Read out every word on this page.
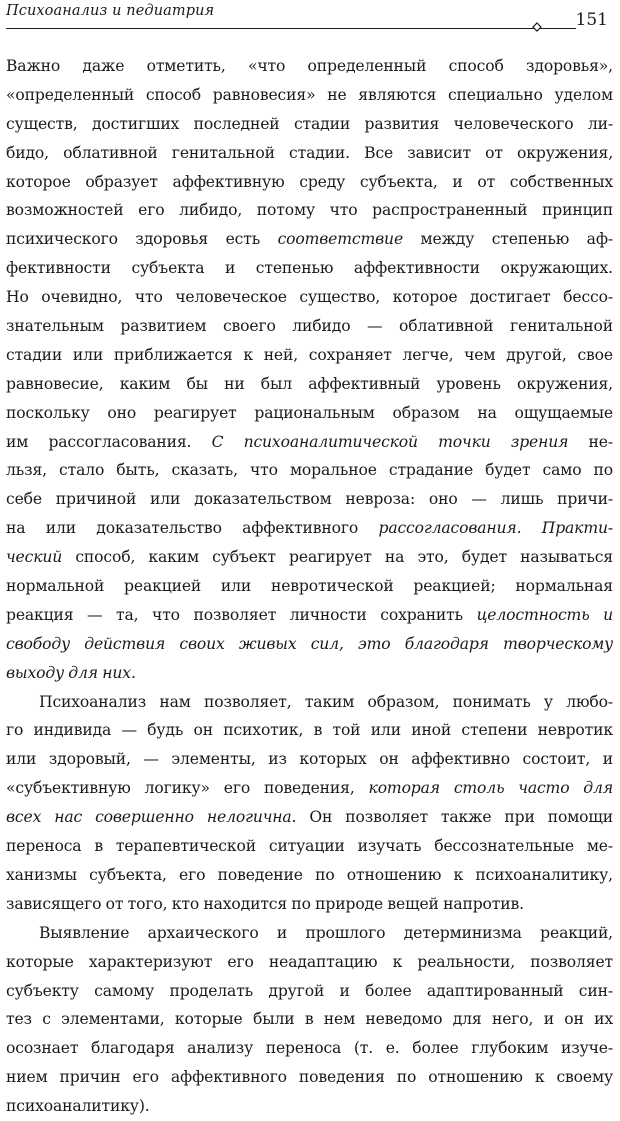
Психоанализ и педиатрия	151
Важно даже отметить, «что определенный способ здоровья»,
«определенный способ равновесия» не являются специально уделом
существ, достигших последней стадии развития человеческого ли-
бидо, облативной генитальной стадии. Все зависит от окружения,
которое образует аффективную среду субъекта, и от собственных
возможностей его либидо, потому что распространенный принцип
психического здоровья есть соответствие между степенью аф-
фективности субъекта и степенью аффективности окружающих.
Но очевидно, что человеческое существо, которое достигает бессо-
знательным развитием своего либидо — облативной генитальной
стадии или приближается к ней, сохраняет легче, чем другой, свое
равновесие, каким бы ни был аффективный уровень окружения,
поскольку оно реагирует рациональным образом на ощущаемые
им рассогласования. С психоаналитической точки зрения не-
льзя, стало быть, сказать, что моральное страдание будет само по
себе причиной или доказательством невроза: оно — лишь причи-
на или доказательство аффективного рассогласования. Практи-
ческий способ, каким субъект реагирует на это, будет называться
нормальной реакцией или невротической реакцией; нормальная
реакция — та, что позволяет личности сохранить целостность и
свободу действия своих живых сил, это благодаря творческому
выходу для них.
Психоанализ нам позволяет, таким образом, понимать у любо-
го индивида — будь он психотик, в той или иной степени невротик
или здоровый, — элементы, из которых он аффективно состоит, и
«субъективную логику» его поведения, которая столь часто для
всех нас совершенно нелогична. Он позволяет также при помощи
переноса в терапевтической ситуации изучать бессознательные ме-
ханизмы субъекта, его поведение по отношению к психоаналитику,
зависящего от того, кто находится по природе вещей напротив.
Выявление архаического и прошлого детерминизма реакций,
которые характеризуют его неадаптацию к реальности, позволяет
субъекту самому проделать другой и более адаптированный син-
тез с элементами, которые были в нем неведомо для него, и он их
осознает благодаря анализу переноса (т. е. более глубоким изуче-
нием причин его аффективного поведения по отношению к своему
психоаналитику).
